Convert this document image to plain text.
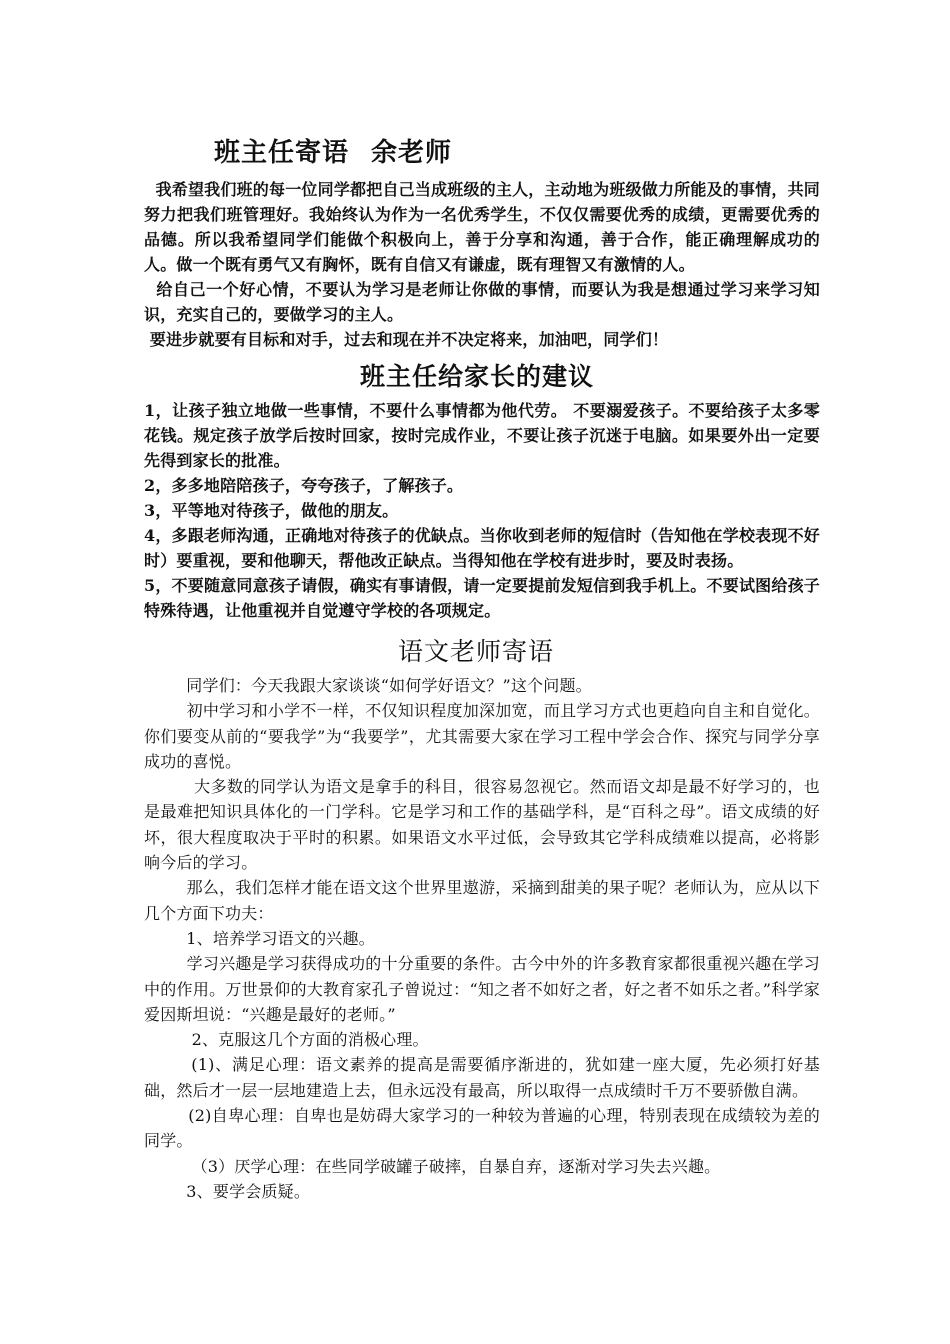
班主任寄语 余老师

我希望我们班的每一位同学都把自己当成班级的主人，主动地为班级做力所能及的事情，共同努力把我们班管理好。我始终认为作为一名优秀学生，不仅仅需要优秀的成绩，更需要优秀的品德。所以我希望同学们能做个积极向上，善于分享和沟通，善于合作，能正确理解成功的人。做一个既有勇气又有胸怀，既有自信又有谦虚，既有理智又有激情的人。

给自己一个好心情，不要认为学习是老师让你做的事情，而要认为我是想通过学习来学习知识，充实自己的，要做学习的主人。

要进步就要有目标和对手，过去和现在并不决定将来，加油吧，同学们！

班主任给家长的建议

1，让孩子独立地做一些事情，不要什么事情都为他代劳。 不要溺爱孩子。不要给孩子太多零花钱。规定孩子放学后按时回家，按时完成作业，不要让孩子沉迷于电脑。如果要外出一定要先得到家长的批准。

2，多多地陪陪孩子，夸夸孩子，了解孩子。

3，平等地对待孩子，做他的朋友。

4，多跟老师沟通，正确地对待孩子的优缺点。当你收到老师的短信时（告知他在学校表现不好时）要重视，要和他聊天，帮他改正缺点。当得知他在学校有进步时，要及时表扬。

5，不要随意同意孩子请假，确实有事请假，请一定要提前发短信到我手机上。不要试图给孩子特殊待遇，让他重视并自觉遵守学校的各项规定。

语文老师寄语

同学们：今天我跟大家谈谈“如何学好语文？”这个问题。

初中学习和小学不一样，不仅知识程度加深加宽，而且学习方式也更趋向自主和自觉化。你们要变从前的“要我学”为“我要学”，尤其需要大家在学习工程中学会合作、探究与同学分享成功的喜悦。

大多数的同学认为语文是拿手的科目，很容易忽视它。然而语文却是最不好学习的，也是最难把知识具体化的一门学科。它是学习和工作的基础学科，是“百科之母”。语文成绩的好坏，很大程度取决于平时的积累。如果语文水平过低，会导致其它学科成绩难以提高，必将影响今后的学习。

那么，我们怎样才能在语文这个世界里遨游，采摘到甜美的果子呢？老师认为，应从以下几个方面下功夫：

1、培养学习语文的兴趣。

学习兴趣是学习获得成功的十分重要的条件。古今中外的许多教育家都很重视兴趣在学习中的作用。万世景仰的大教育家孔子曾说过：“知之者不如好之者，好之者不如乐之者。”科学家爱因斯坦说：“兴趣是最好的老师。”

2、克服这几个方面的消极心理。

(1)、满足心理：语文素养的提高是需要循序渐进的，犹如建一座大厦，先必须打好基础，然后才一层一层地建造上去，但永远没有最高，所以取得一点成绩时千万不要骄傲自满。

(2)自卑心理：自卑也是妨碍大家学习的一种较为普遍的心理，特别表现在成绩较为差的同学。

（3）厌学心理：在些同学破罐子破摔，自暴自弃，逐渐对学习失去兴趣。

3、要学会质疑。
